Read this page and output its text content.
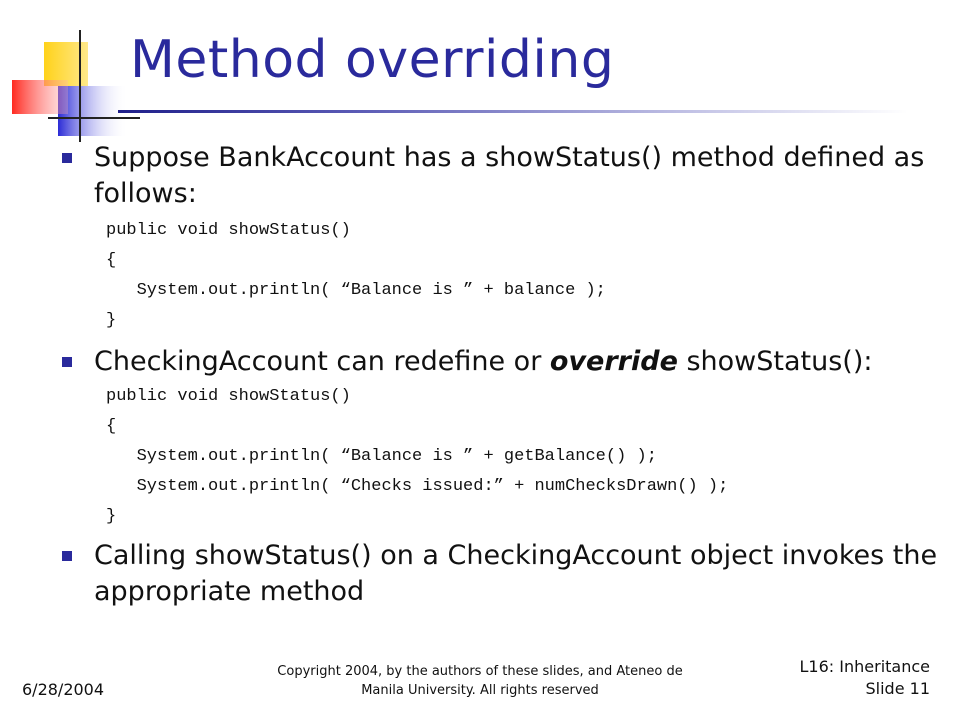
Method overriding
Suppose BankAccount has a showStatus() method defined as follows:
public void showStatus()
{
System.out.println( “Balance is ” + balance );
}
CheckingAccount can redefine or override showStatus():
public void showStatus()
{
System.out.println( “Balance is ” + getBalance() );
System.out.println( “Checks issued:” + numChecksDrawn() );
}
Calling showStatus() on a CheckingAccount object invokes the appropriate method
6/28/2004
Copyright 2004, by the authors of these slides, and Ateneo de
Manila University. All rights reserved
L16: Inheritance
Slide 11
